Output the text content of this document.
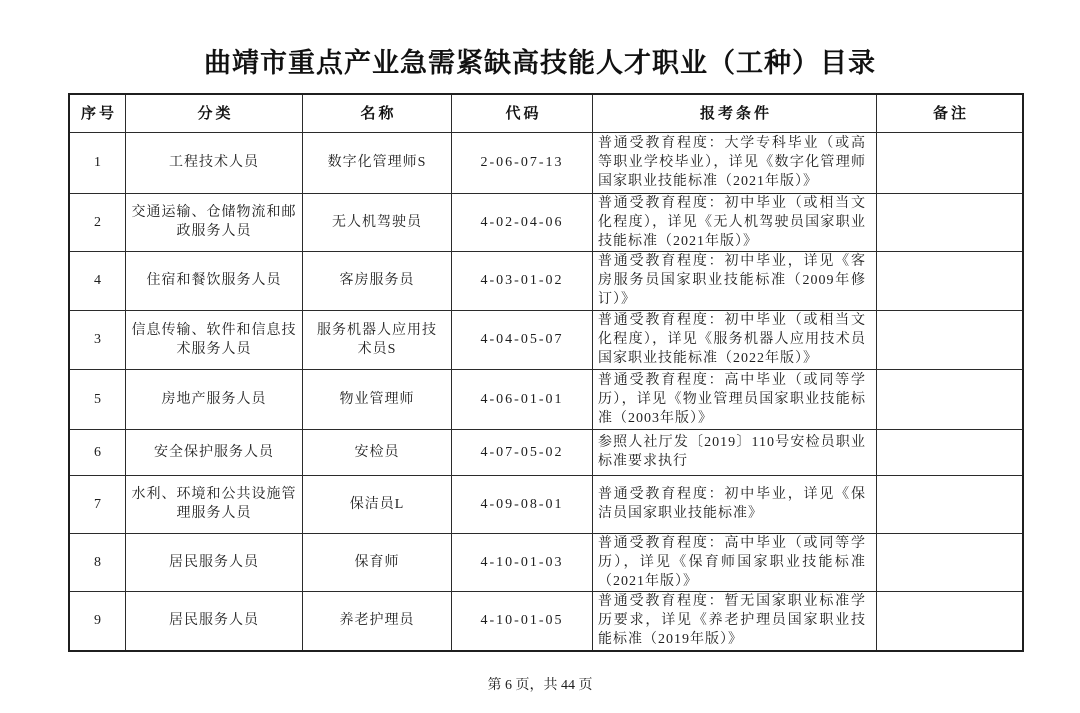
曲靖市重点产业急需紧缺高技能人才职业（工种）目录
序号	分类	名称	代码	报考条件	备注
1	工程技术人员	数字化管理师S	2-06-07-13	普通受教育程度：大学专科毕业（或高等职业学校毕业），详见《数字化管理师国家职业技能标准（2021年版）》	

2	交通运输、仓储物流和邮政服务人员	无人机驾驶员	4-02-04-06	普通受教育程度：初中毕业（或相当文化程度），详见《无人机驾驶员国家职业技能标准（2021年版）》	

4	住宿和餐饮服务人员	客房服务员	4-03-01-02	普通受教育程度：初中毕业，详见《客房服务员国家职业技能标准（2009年修订）》	

3	信息传输、软件和信息技术服务人员	服务机器人应用技术员S	4-04-05-07	普通受教育程度：初中毕业（或相当文化程度），详见《服务机器人应用技术员国家职业技能标准（2022年版）》	

5	房地产服务人员	物业管理师	4-06-01-01	普通受教育程度：高中毕业（或同等学历），详见《物业管理员国家职业技能标准（2003年版）》	

6	安全保护服务人员	安检员	4-07-05-02	参照人社厅发〔2019〕110号安检员职业标准要求执行	

7	水利、环境和公共设施管理服务人员	保洁员L	4-09-08-01	普通受教育程度：初中毕业，详见《保洁员国家职业技能标准》	

8	居民服务人员	保育师	4-10-01-03	普通受教育程度：高中毕业（或同等学历），详见《保育师国家职业技能标准（2021年版）》	

9	居民服务人员	养老护理员	4-10-01-05	普通受教育程度：暂无国家职业标准学历要求，详见《养老护理员国家职业技能标准（2019年版）》	

第 6 页，共 44 页
